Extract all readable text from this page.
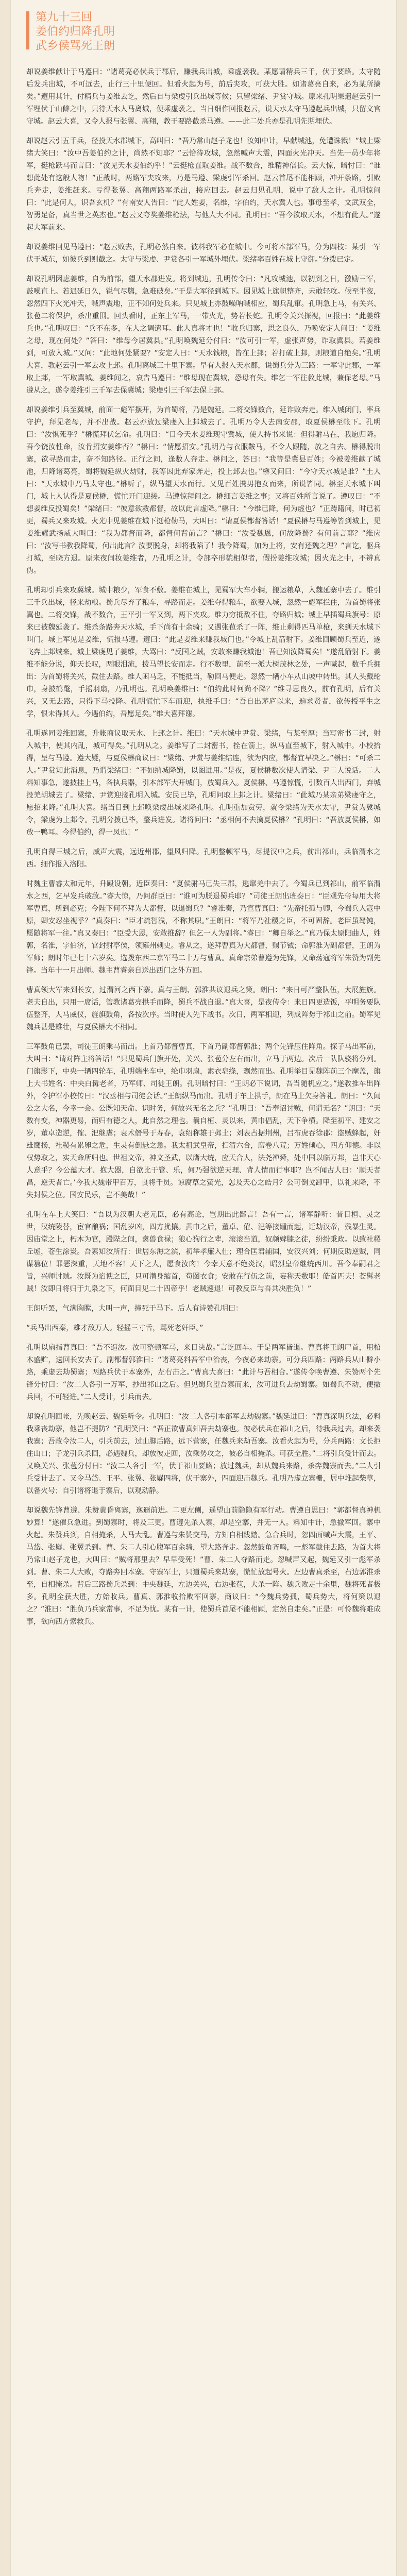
第九十三回
姜伯约归降孔明
武乡侯骂死王朗

却说姜维献计于马遵曰：“诸葛亮必伏兵于郡后，赚我兵出城，乘虚袭我。某愿请精兵三千，伏于要路。太守随后发兵出城，不可远去，止行三十里便回。但看火起为号，前后夹攻，可获大胜。如诸葛亮自来，必为某所擒矣。”遵用其计，付精兵与姜维去讫，然后自与梁虔引兵出城等候；只留梁绪、尹赏守城。原来孔明果遣赵云引一军埋伏于山僻之中，只待天水人马离城，便乘虚袭之。当日细作回报赵云，说天水太守马遵起兵出城，只留文官守城。赵云大喜，又令人报与张翼、高翔，教于要路截杀马遵。——此二处兵亦是孔明先期埋伏。

却说赵云引五千兵，径投天水郡城下，高叫曰：“吾乃常山赵子龙也！汝知中计，早献城池，免遭诛戮！”城上梁绪大笑曰：“汝中吾姜伯约之计，尚然不知耶？”云恰待攻城，忽然喊声大震，四面火光冲天。当先一员少年将军，挺枪跃马而言曰：“汝见天水姜伯约乎！”云挺枪直取姜维。战不数合，维精神倍长。云大惊，暗忖曰：“谁想此处有这般人物！”正战时，两路军夹攻来，乃是马遵、梁虔引军杀回。赵云首尾不能相顾，冲开条路，引败兵奔走，姜维赶来。亏得张翼、高翔两路军杀出，接应回去。赵云归见孔明，说中了敌人之计。孔明惊问曰：“此是何人，识吾玄机？”有南安人告曰：“此人姓姜，名维，字伯约，天水冀人也。事母至孝，文武双全，智勇足备，真当世之英杰也。”赵云又夸奖姜维枪法，与他人大不同。孔明曰：“吾今欲取天水，不想有此人。”遂起大军前来。

却说姜维回见马遵曰：“赵云败去，孔明必然自来。彼料我军必在城中。今可将本部军马，分为四枝：某引一军伏于城东，如彼兵到则截之。太守与梁虔、尹赏各引一军城外埋伏。梁绪率百姓在城上守御。”分拨已定。

却说孔明因虑姜维，自为前部，望天水郡进发。将到城边，孔明传令曰：“凡攻城池，以初到之日，激励三军，鼓噪直上。若迟延日久，锐气尽隳，急难破矣。”于是大军径到城下。因见城上旗帜整齐，未敢轻攻。候至半夜，忽然四下火光冲天，喊声震地，正不知何处兵来。只见城上亦鼓噪呐喊相应，蜀兵乱窜。孔明急上马，有关兴、张苞二将保护，杀出重围。回头看时，正东上军马，一带火光，势若长蛇。孔明令关兴探视，回报曰：“此姜维兵也。”孔明叹曰：“兵不在多，在人之调遣耳。此人真将才也！”收兵归寨，思之良久，乃唤安定人问曰：“姜维之母，现在何处？”答曰：“维母今居冀县。”孔明唤魏延分付曰：“汝可引一军，虚张声势，诈取冀县。若姜维到，可放入城。”又问：“此地何处紧要？”安定人曰：“天水钱粮，皆在上邽；若打破上邽，则粮道自绝矣。”孔明大喜，教赵云引一军去攻上邽。孔明离城三十里下寨。早有人报入天水郡，说蜀兵分为三路：一军守此郡，一军取上邽，一军取冀城。姜维闻之，哀告马遵曰：“维母现在冀城，恐母有失。维乞一军往救此城，兼保老母。”马遵从之，遂令姜维引三千军去保冀城；梁虔引三千军去保上邽。

却说姜维引兵至冀城，前面一彪军摆开，为首蜀将，乃是魏延。二将交锋数合，延诈败奔走。维入城闭门，率兵守护，拜见老母，并不出战。赵云亦放过梁虔入上邽城去了。孔明乃令人去南安郡，取夏侯楙至帐下。孔明曰：“汝惧死乎？”楙慌拜伏乞命。孔明曰：“目今天水姜维现守冀城，使人持书来说：但得驸马在，我愿归降。吾今饶汝性命，汝肯招安姜维否？”楙曰：“情愿招安。”孔明乃与衣服鞍马，不令人跟随，放之自去。楙得脱出寨，欲寻路而走，奈不知路径。正行之间，逢数人奔走。楙问之，答曰：“我等是冀县百姓；今被姜维献了城池，归降诸葛亮，蜀将魏延纵火劫财，我等因此弃家奔走，投上邽去也。”楙又问曰：“今守天水城是谁？”土人曰：“天水城中乃马太守也。”楙听了，纵马望天水而行。又见百姓携男抱女而来，所说皆同。楙至天水城下叫门，城上人认得是夏侯楙，慌忙开门迎接。马遵惊拜问之。楙细言姜维之事；又将百姓所言说了。遵叹曰：“不想姜维反投蜀矣！”梁绪曰：“彼意欲救都督，故以此言虚降。”楙曰：“今维已降，何为虚也？”正踌躇间，时已初更，蜀兵又来攻城。火光中见姜维在城下挺枪勒马，大叫曰：“请夏侯都督答话！”夏侯楙与马遵等皆到城上，见姜维耀武扬威大叫曰：“我为都督而降，都督何背前言？”楙曰：“汝受魏恩，何故降蜀？有何前言耶？”维应曰：“汝写书教我降蜀，何出此言？汝要脱身，却将我陷了！我今降蜀，加为上将，安有还魏之理？”言讫，驱兵打城，至晓方退。原来夜间妆姜维者，乃孔明之计，令部卒形貌相似者，假扮姜维攻城；因火光之中，不辨真伪。

孔明却引兵来攻冀城。城中粮少，军食不敷。姜维在城上，见蜀军大车小辆，搬运粮草，入魏延寨中去了。维引三千兵出城，径来劫粮。蜀兵尽弃了粮车，寻路而走。姜维夺得粮车，欲要入城，忽然一彪军拦住，为首蜀将张翼也。二将交锋，战不数合，王平引一军又到，两下夹攻。维力穷抵敌不住，夺路归城；城上早插蜀兵旗号：原来已被魏延袭了。维杀条路奔天水城，手下尚有十余骑；又遇张苞杀了一阵，维止剩得匹马单枪，来到天水城下叫门。城上军见是姜维，慌报马遵。遵曰：“此是姜维来赚我城门也。”令城上乱箭射下。姜维回顾蜀兵至近，遂飞奔上邽城来。城上梁虔见了姜维，大骂曰：“反国之贼，安敢来赚我城池！吾已知汝降蜀矣！”遂乱箭射下。姜维不能分说，仰天长叹，两眼泪流，拨马望长安而走。行不数里，前至一派大树茂林之处，一声喊起，数千兵拥出：为首蜀将关兴，截住去路。维人困马乏，不能抵当，勒回马便走。忽然一辆小车从山坡中转出。其人头戴纶巾，身披鹤氅，手摇羽扇，乃孔明也。孔明唤姜维曰：“伯约此时何尚不降？”维寻思良久，前有孔明，后有关兴，又无去路，只得下马投降。孔明慌忙下车而迎，执维手曰：“吾自出茅庐以来，遍求贤者，欲传授平生之学，恨未得其人。今遇伯约，吾愿足矣。”维大喜拜谢。

孔明遂同姜维回寨，升帐商议取天水、上邽之计。维曰：“天水城中尹赏、梁绪，与某至厚；当写密书二封，射入城中，使其内乱，城可得矣。”孔明从之。姜维写了二封密书，拴在箭上，纵马直至城下，射入城中。小校拾得，呈与马遵。遵大疑，与夏侯楙商议曰：“梁绪、尹赏与姜维结连，欲为内应，都督宜早决之。”楙曰：“可杀二人。”尹赏知此消息，乃谓梁绪曰：“不如纳城降蜀，以图进用。”是夜，夏侯楙数次使人请梁、尹二人说话。二人料知事急，遂披挂上马，各执兵器，引本部军大开城门，放蜀兵入。夏侯楙、马遵惊慌，引数百人出西门，弃城投羌胡城去了。梁绪、尹赏迎接孔明入城。安民已毕，孔明问取上邽之计。梁绪曰：“此城乃某亲弟梁虔守之，愿招来降。”孔明大喜。绪当日到上邽唤梁虔出城来降孔明。孔明重加赏劳，就令梁绪为天水太守，尹赏为冀城令，梁虔为上邽令。孔明分拨已毕，整兵进发。诸将问曰：“丞相何不去擒夏侯楙？”孔明曰：“吾放夏侯楙，如放一鸭耳。今得伯约，得一凤也！”

孔明自得三城之后，威声大震，远近州郡，望风归降。孔明整顿军马，尽提汉中之兵，前出祁山，兵临渭水之西。细作报入洛阳。

时魏主曹睿太和元年，升殿设朝。近臣奏曰：“夏侯驸马已失三郡，逃窜羌中去了。今蜀兵已到祁山，前军临渭水之西，乞早发兵破敌。”睿大惊，乃问群臣曰：“谁可为朕退蜀兵耶？”司徒王朗出班奏曰：“臣观先帝每用大将军曹真，所到必克；今陛下何不拜为大都督，以退蜀兵？”睿准奏，乃宣曹真曰：“先帝托孤与卿，今蜀兵入寇中原，卿安忍坐视乎？”真奏曰：“臣才疏智浅，不称其职。”王朗曰：“将军乃社稷之臣，不可固辞。老臣虽驽钝，愿随将军一往。”真又奏曰：“臣受大恩，安敢推辞？但乞一人为副将。”睿曰：“卿自举之。”真乃保太原阳曲人，姓郭，名淮，字伯济，官封射亭侯，领雍州刺史。睿从之，遂拜曹真为大都督，赐节钺；命郭淮为副都督，王朗为军师；朗时年已七十六岁矣。选拨东西二京军马二十万与曹真。真命宗弟曹遵为先锋，又命荡寇将军朱赞为副先锋。当年十一月出师。魏主曹睿亲自送出西门之外方回。

曹真领大军来到长安，过渭河之西下寨。真与王朗、郭淮共议退兵之策。朗曰：“来日可严整队伍，大展旌旗。老夫自出，只用一席话，管教诸葛亮拱手而降，蜀兵不战自退。”真大喜，是夜传令：来日四更造饭，平明务要队伍整齐，人马威仪，旌旗鼓角，各按次序。当时使人先下战书。次日，两军相迎，列成阵势于祁山之前。蜀军见魏兵甚是雄壮，与夏侯楙大不相同。

三军鼓角已罢，司徒王朗乘马而出。上首乃都督曹真，下首乃副都督郭淮；两个先锋压住阵角。探子马出军前，大叫曰：“请对阵主将答话！”只见蜀兵门旗开处，关兴、张苞分左右而出，立马于两边。次后一队队骁将分列。门旗影下，中央一辆四轮车，孔明端坐车中，纶巾羽扇，素衣皂绦，飘然而出。孔明举目见魏阵前三个麾盖，旗上大书姓名：中央白髯老者，乃军师、司徒王朗。孔明暗忖曰：“王朗必下说词，吾当随机应之。”遂教推车出阵外，令护军小校传曰：“汉丞相与司徒会话。”王朗纵马而出。孔明于车上拱手，朗在马上欠身答礼。朗曰：“久闻公之大名，今幸一会。公既知天命、识时务，何故兴无名之兵？”孔明曰：“吾奉诏讨贼，何谓无名？”朗曰：“天数有变，神器更易，而归有德之人，此自然之理也。曩自桓、灵以来，黄巾倡乱，天下争横。降至初平、建安之岁，董卓造逆，傕、汜继虐；袁术僭号于寿春，袁绍称雄于邺土；刘表占据荆州，吕布虎吞徐郡：盗贼蜂起，奸雄鹰扬，社稷有累卵之危，生灵有倒悬之急。我太祖武皇帝，扫清六合，席卷八荒；万姓倾心，四方仰德。非以权势取之，实天命所归也。世祖文帝，神文圣武，以膺大统，应天合人，法尧禅舜，处中国以临万邦，岂非天心人意乎？今公蕴大才、抱大器，自欲比于管、乐，何乃强欲逆天理、背人情而行事耶？岂不闻古人曰：‘顺天者昌，逆天者亡。’今我大魏带甲百万，良将千员。谅腐草之萤光，怎及天心之皓月？公可倒戈卸甲，以礼来降，不失封侯之位。国安民乐，岂不美哉！”

孔明在车上大笑曰：“吾以为汉朝大老元臣，必有高论，岂期出此鄙言！吾有一言，诸军静听：昔日桓、灵之世，汉统陵替，宦官酿祸；国乱岁凶，四方扰攘。黄巾之后，董卓、傕、汜等接踵而起，迁劫汉帝，残暴生灵。因庙堂之上，朽木为官，殿陛之间，禽兽食禄；狼心狗行之辈，滚滚当道，奴颜婢膝之徒，纷纷秉政。以致社稷丘墟，苍生涂炭。吾素知汝所行：世居东海之滨，初举孝廉入仕；理合匡君辅国，安汉兴刘；何期反助逆贼，同谋篡位！罪恶深重，天地不容！天下之人，愿食汝肉！今幸天意不绝炎汉，昭烈皇帝继统西川。吾今奉嗣君之旨，兴师讨贼。汝既为谄谀之臣，只可潜身缩首，苟图衣食；安敢在行伍之前，妄称天数耶！皓首匹夫！苍髯老贼！汝即日将归于九泉之下，何面目见二十四帝乎！老贼速退！可教反臣与吾共决胜负！”

王朗听罢，气满胸膛，大叫一声，撞死于马下。后人有诗赞孔明曰：

“兵马出西秦，雄才敌万人。轻摇三寸舌，骂死老奸臣。”

孔明以扇指曹真曰：“吾不逼汝。汝可整顿军马，来日决战。”言讫回车。于是两军皆退。曹真将王朗尸首，用棺木盛贮，送回长安去了。副都督郭淮曰：“诸葛亮料吾军中治丧，今夜必来劫寨。可分兵四路：两路兵从山僻小路，乘虚去劫蜀寨；两路兵伏于本寨外，左右击之。”曹真大喜曰：“此计与吾相合。”遂传令唤曹遵、朱赞两个先锋分付曰：“汝二人各引一万军，抄出祁山之后。但见蜀兵望吾寨而来，汝可进兵去劫蜀寨。如蜀兵不动，便撤兵回，不可轻进。”二人受计，引兵而去。

却说孔明回帐，先唤赵云、魏延听令。孔明曰：“汝二人各引本部军去劫魏寨。”魏延进曰：“曹真深明兵法，必料我乘丧劫寨，他岂不提防？”孔明笑曰：“吾正欲曹真知吾去劫寨也。彼必伏兵在祁山之后，待我兵过去，却来袭我寨；吾故令汝二人，引兵前去，过山脚后路，远下营寨，任魏兵来劫吾寨。汝看火起为号，分兵两路：文长拒住山口；子龙引兵杀回，必遇魏兵，却放彼走回，汝乘势攻之，彼必自相掩杀。可获全胜。”二将引兵受计而去。又唤关兴、张苞分付曰：“汝二人各引一军，伏于祁山要路；放过魏兵，却从魏兵来路，杀奔魏寨而去。”二人引兵受计去了。又令马岱、王平、张翼、张嶷四将，伏于寨外，四面迎击魏兵。孔明乃虚立寨栅，居中堆起柴草，以备火号；自引诸将退于寨后，以观动静。

却说魏先锋曹遵、朱赞黄昏离寨，迤逦前进。二更左侧，遥望山前隐隐有军行动。曹遵自思曰：“郭都督真神机妙算！”遂催兵急进。到蜀寨时，将及三更。曹遵先杀入寨，却是空寨，并无一人。料知中计，急撤军回。寨中火起。朱赞兵到，自相掩杀，人马大乱。曹遵与朱赞交马，方知自相践踏。急合兵时，忽四面喊声大震，王平、马岱、张嶷、张翼杀到。曹、朱二人引心腹军百余骑，望大路奔走。忽然鼓角齐鸣，一彪军截住去路，为首大将乃常山赵子龙也，大叫曰：“贼将那里去？早早受死！”曹、朱二人夺路而走。忽喊声又起，魏延又引一彪军杀到。曹、朱二人大败，夺路奔回本寨。守寨军士，只道蜀兵来劫寨，慌忙放起号火。左边曹真杀至，右边郭淮杀至，自相掩杀。背后三路蜀兵杀到：中央魏延，左边关兴，右边张苞，大杀一阵。魏兵败走十余里，魏将死者极多。孔明全获大胜，方始收兵。曹真、郭淮收拾败军回寨，商议曰：“今魏兵势孤，蜀兵势大，将何策以退之？”淮曰：“胜负乃兵家常事，不足为忧。某有一计，使蜀兵首尾不能相顾，定然自走矣。”正是：可怜魏将难成事，欲向西方索救兵。
